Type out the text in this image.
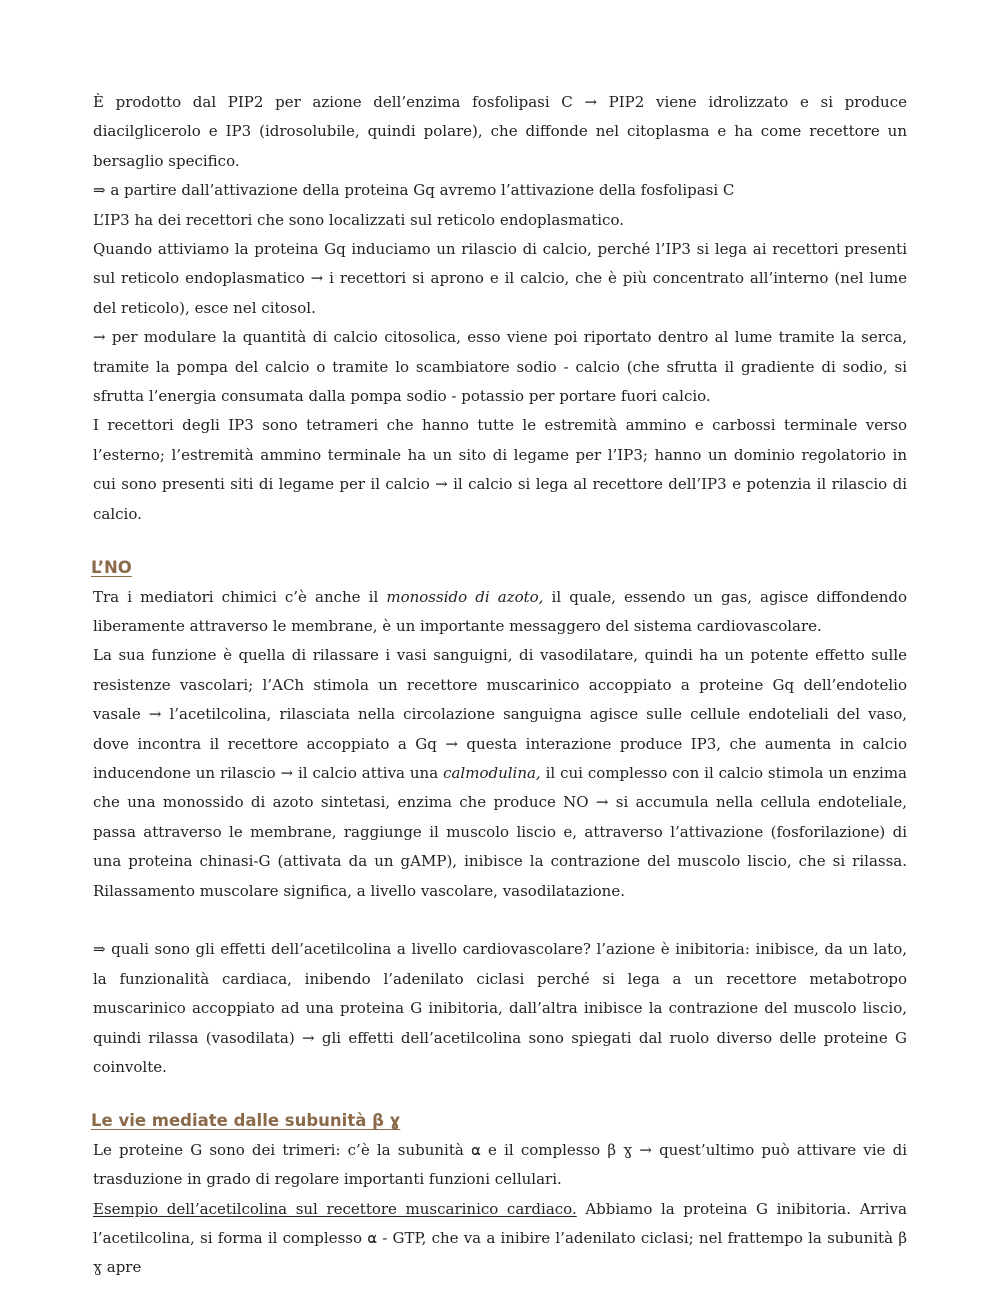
È prodotto dal PIP2 per azione dell’enzima fosfolipasi C → PIP2 viene idrolizzato e si produce diacilglicerolo e IP3 (idrosolubile, quindi polare), che diffonde nel citoplasma e ha come recettore un bersaglio specifico.

⇒ a partire dall’attivazione della proteina Gq avremo l’attivazione della fosfolipasi C

L’IP3 ha dei recettori che sono localizzati sul reticolo endoplasmatico.

Quando attiviamo la proteina Gq induciamo un rilascio di calcio, perché l’IP3 si lega ai recettori presenti sul reticolo endoplasmatico → i recettori si aprono e il calcio, che è più concentrato all’interno (nel lume del reticolo), esce nel citosol.

→ per modulare la quantità di calcio citosolica, esso viene poi riportato dentro al lume tramite la serca, tramite la pompa del calcio o tramite lo scambiatore sodio - calcio (che sfrutta il gradiente di sodio, si sfrutta l’energia consumata dalla pompa sodio - potassio per portare fuori calcio.

I recettori degli IP3 sono tetrameri che hanno tutte le estremità ammino e carbossi terminale verso l’esterno; l’estremità ammino terminale ha un sito di legame per l’IP3; hanno un dominio regolatorio in cui sono presenti siti di legame per il calcio → il calcio si lega al recettore dell’IP3 e potenzia il rilascio di calcio.

L’NO

Tra i mediatori chimici c’è anche il monossido di azoto, il quale, essendo un gas, agisce diffondendo liberamente attraverso le membrane, è un importante messaggero del sistema cardiovascolare.

La sua funzione è quella di rilassare i vasi sanguigni, di vasodilatare, quindi ha un potente effetto sulle resistenze vascolari; l’ACh stimola un recettore muscarinico accoppiato a proteine Gq dell’endotelio vasale → l’acetilcolina, rilasciata nella circolazione sanguigna agisce sulle cellule endoteliali del vaso, dove incontra il recettore accoppiato a Gq → questa interazione produce IP3, che aumenta in calcio inducendone un rilascio → il calcio attiva una calmodulina, il cui complesso con il calcio stimola un enzima che una monossido di azoto sintetasi, enzima che produce NO → si accumula nella cellula endoteliale, passa attraverso le membrane, raggiunge il muscolo liscio e, attraverso l’attivazione (fosforilazione) di una proteina chinasi-G (attivata da un gAMP), inibisce la contrazione del muscolo liscio, che si rilassa. Rilassamento muscolare significa, a livello vascolare, vasodilatazione.

⇒ quali sono gli effetti dell’acetilcolina a livello cardiovascolare? l’azione è inibitoria: inibisce, da un lato, la funzionalità cardiaca, inibendo l’adenilato ciclasi perché si lega a un recettore metabotropo muscarinico accoppiato ad una proteina G inibitoria, dall’altra inibisce la contrazione del muscolo liscio, quindi rilassa (vasodilata) → gli effetti dell’acetilcolina sono spiegati dal ruolo diverso delle proteine G coinvolte.

Le vie mediate dalle subunità β ɣ

Le proteine G sono dei trimeri: c’è la subunità ⍺ e il complesso β ɣ → quest’ultimo può attivare vie di trasduzione in grado di regolare importanti funzioni cellulari.

Esempio dell’acetilcolina sul recettore muscarinico cardiaco. Abbiamo la proteina G inibitoria. Arriva l’acetilcolina, si forma il complesso ⍺ - GTP, che va a inibire l’adenilato ciclasi; nel frattempo la subunità β ɣ apre
